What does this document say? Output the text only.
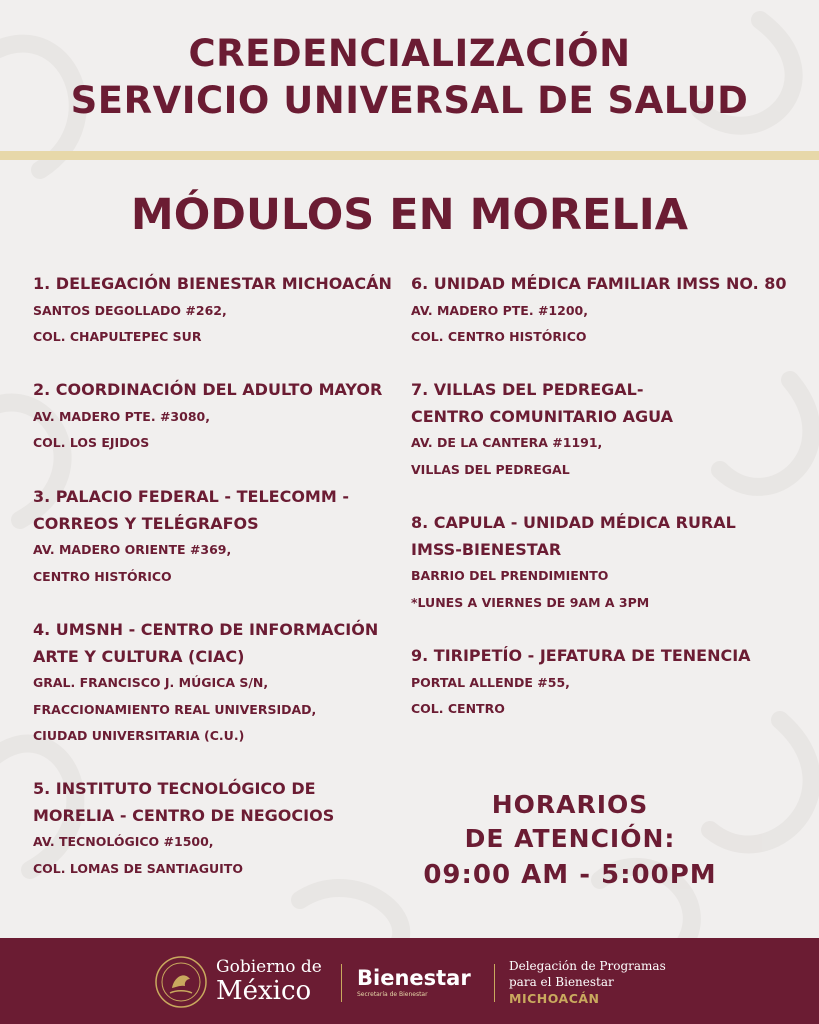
CREDENCIALIZACIÓN
SERVICIO UNIVERSAL DE SALUD
MÓDULOS EN MORELIA
1. DELEGACIÓN BIENESTAR MICHOACÁN
SANTOS DEGOLLADO #262,
COL. CHAPULTEPEC SUR
2. COORDINACIÓN DEL ADULTO MAYOR
AV. MADERO PTE. #3080,
COL. LOS EJIDOS
3. PALACIO FEDERAL - TELECOMM -
CORREOS Y TELÉGRAFOS
AV. MADERO ORIENTE #369,
CENTRO HISTÓRICO
4. UMSNH - CENTRO DE INFORMACIÓN
ARTE Y CULTURA (CIAC)
GRAL. FRANCISCO J. MÚGICA S/N,
FRACCIONAMIENTO REAL UNIVERSIDAD,
CIUDAD UNIVERSITARIA (C.U.)
5. INSTITUTO TECNOLÓGICO DE
MORELIA - CENTRO DE NEGOCIOS
AV. TECNOLÓGICO #1500,
COL. LOMAS DE SANTIAGUITO
6. UNIDAD MÉDICA FAMILIAR IMSS NO. 80
AV. MADERO PTE. #1200,
COL. CENTRO HISTÓRICO
7. VILLAS DEL PEDREGAL-
CENTRO COMUNITARIO AGUA
AV. DE LA CANTERA #1191,
VILLAS DEL PEDREGAL
8. CAPULA - UNIDAD MÉDICA RURAL
IMSS-BIENESTAR
BARRIO DEL PRENDIMIENTO
*LUNES A VIERNES DE 9AM A 3PM
9. TIRIPETÍO - JEFATURA DE TENENCIA
PORTAL ALLENDE #55,
COL. CENTRO
HORARIOS
DE ATENCIÓN:
09:00 AM - 5:00PM
Gobierno de
México	Bienestar
Secretaría de Bienestar
Delegación de Programas
para el Bienestar
MICHOACÁN
